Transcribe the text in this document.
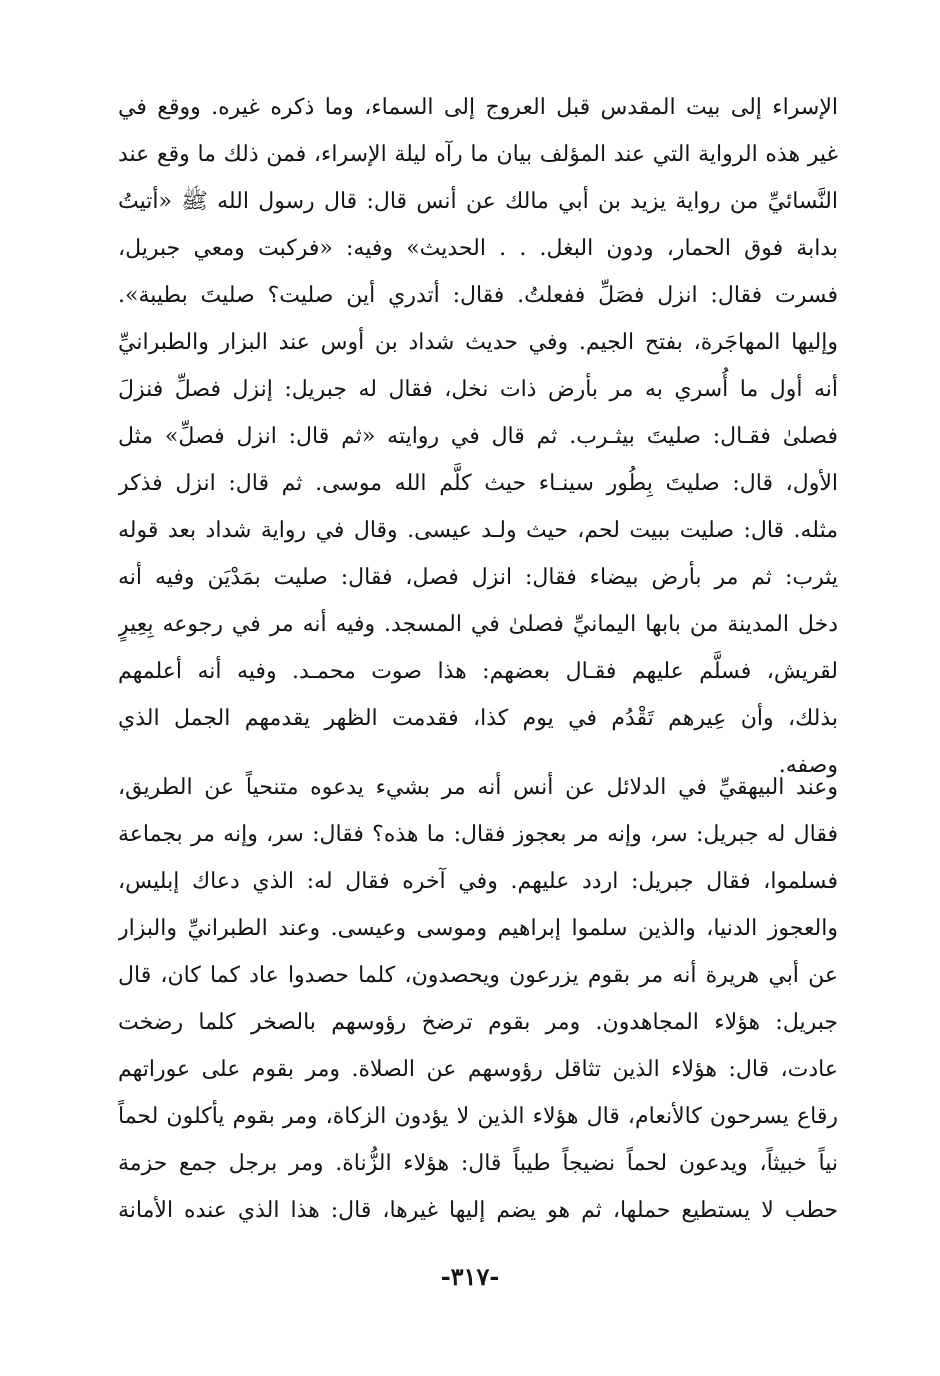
الإسراء إلى بيت المقدس قبل العروج إلى السماء، وما ذكره غيره. ووقع في
غير هذه الرواية التي عند المؤلف بيان ما رآه ليلة الإسراء، فمن ذلك ما وقع عند
النَّسائيِّ من رواية يزيد بن أبي مالك عن أنس قال: قال رسول الله ﷺ «أتيتُ
بدابة فوق الحمار، ودون البغل. . . الحديث» وفيه: «فركبت ومعي جبريل،
فسرت فقال: انزل فصَلِّ ففعلتُ. فقال: أتدري أين صليت؟ صليتَ بطيبة».
وإليها المهاجَرة، بفتح الجيم. وفي حديث شداد بن أوس عند البزار والطبرانيِّ
أنه أول ما أُسري به مر بأرض ذات نخل، فقال له جبريل: إنزل فصلِّ فنزلَ
فصلىٰ فقـال: صليتَ بيثـرب. ثم قال في روايته «ثم قال: انزل فصلِّ» مثل
الأول، قال: صليتَ بِطُور سينـاء حيث كلَّم الله موسى. ثم قال: انزل فذكر
مثله. قال: صليت ببيت لحم، حيث ولـد عيسى. وقال في رواية شداد بعد قوله
يثرب: ثم مر بأرض بيضاء فقال: انزل فصل، فقال: صليت بمَدْيَن وفيه أنه
دخل المدينة من بابها اليمانيِّ فصلىٰ في المسجد. وفيه أنه مر في رجوعه بِعِيرٍ
لقريش، فسلَّم عليهم فقـال بعضهم: هذا صوت محمـد. وفيه أنه أعلمهم
بذلك، وأن عِيرهم تَقْدُم في يوم كذا، فقدمت الظهر يقدمهم الجمل الذي
وصفه.
وعند البيهقيِّ في الدلائل عن أنس أنه مر بشيء يدعوه متنحياً عن الطريق،
فقال له جبريل: سر، وإنه مر بعجوز فقال: ما هذه؟ فقال: سر، وإنه مر بجماعة
فسلموا، فقال جبريل: اردد عليهم. وفي آخره فقال له: الذي دعاك إبليس،
والعجوز الدنيا، والذين سلموا إبراهيم وموسى وعيسى. وعند الطبرانيِّ والبزار
عن أبي هريرة أنه مر بقوم يزرعون ويحصدون، كلما حصدوا عاد كما كان، قال
جبريل: هؤلاء المجاهدون. ومر بقوم ترضخ رؤوسهم بالصخر كلما رضخت
عادت، قال: هؤلاء الذين تثاقل رؤوسهم عن الصلاة. ومر بقوم على عوراتهم
رقاع يسرحون كالأنعام، قال هؤلاء الذين لا يؤدون الزكاة، ومر بقوم يأكلون لحماً
نياً خبيثاً، ويدعون لحماً نضيجاً طيباً قال: هؤلاء الزُّناة. ومر برجل جمع حزمة
حطب لا يستطيع حملها، ثم هو يضم إليها غيرها، قال: هذا الذي عنده الأمانة
-٣١٧-
